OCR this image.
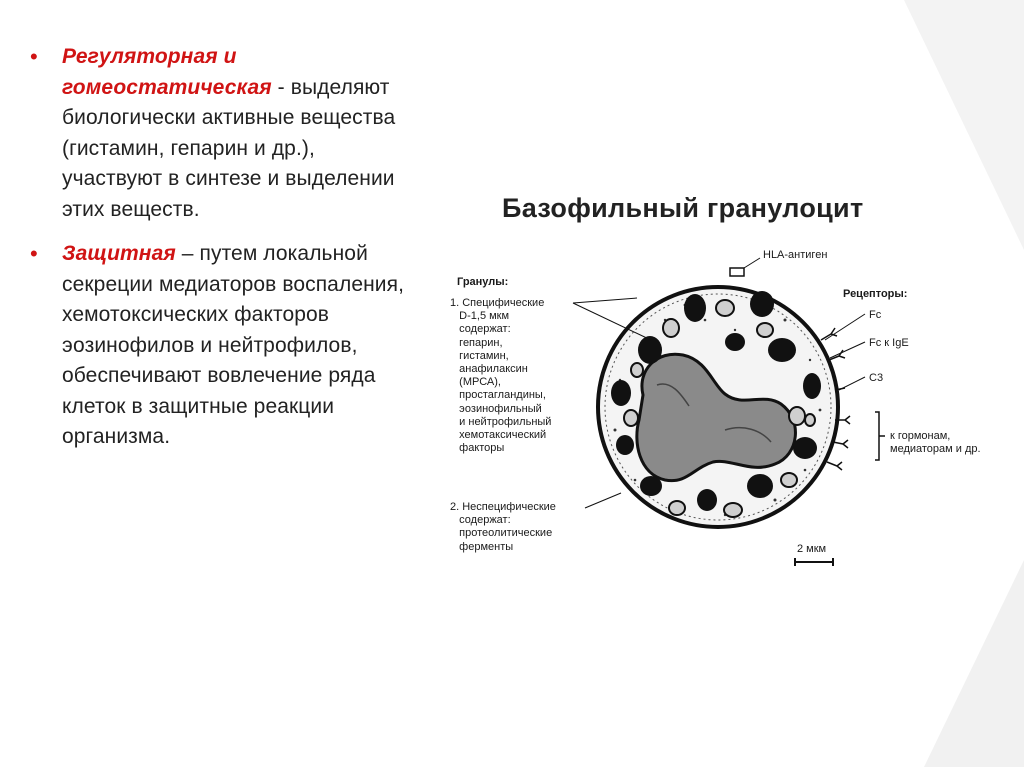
• Регуляторная и гомеостатическая - выделяют биологически активные вещества (гистамин, гепарин и др.), участвуют в синтезе и выделении этих веществ.
• Защитная – путем локальной секреции медиаторов воспаления, хемотоксических факторов эозинофилов и нейтрофилов, обеспечивают вовлечение ряда клеток в защитные реакции организма.
Базофильный гранулоцит
HLA-антиген
Гранулы:
1. Специфические
D-1,5 мкм
содержат:
гепарин,
гистамин,
анафилаксин
(МРСА),
простагландины,
эозинофильный
и нейтрофильный
хемотаксический
факторы
2. Неспецифические
содержат:
протеолитические
ферменты
Рецепторы:
Fc
Fc к IgE
C3
к гормонам,
медиаторам и др.
2 мкм
